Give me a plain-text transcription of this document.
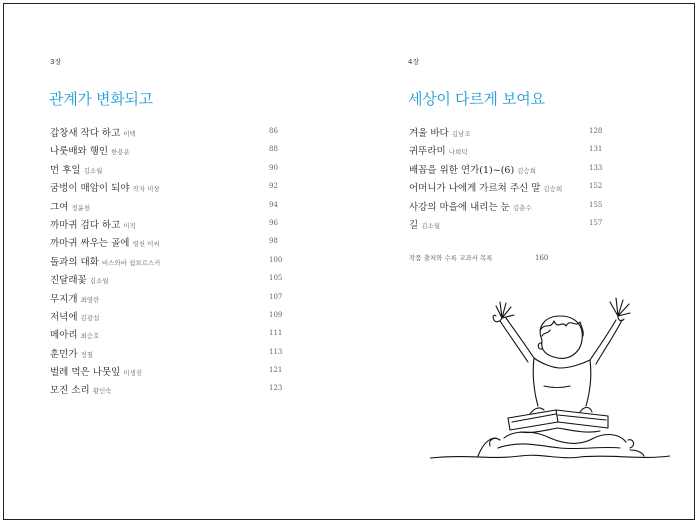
3장
관계가 변화되고
갑창새 작다 하고 이택	86
나룻배와 행인 한용운	88
먼 후일 김소월	90
굼벙이 매암이 되야 작자 미상	92
그여 정윤천	94
까마귀 검다 하고 이직	96
까마귀 싸우는 골에 영천 이씨	98
돌과의 대화 비스와바 쉼보르스카	100
진달래꽃 김소월	105
무지개 최영란	107
저녁에 김광섭	109
메아리 최승호	111
훈민가 정철	113
벌레 먹은 나뭇잎 이생진	121
모진 소리 황인숙	123
4장
세상이 다르게 보여요
겨울 바다 김남조	128
귀뚜라미 나희덕	131
배꼽을 위한 연가(1)~(6) 김승희	133
어머니가 나에게 가르쳐 주신 말 김승희	152
사강의 마을에 내리는 눈 김춘수	155
길 김소월	157
작품 출처와 수록 교과서 목록	160
